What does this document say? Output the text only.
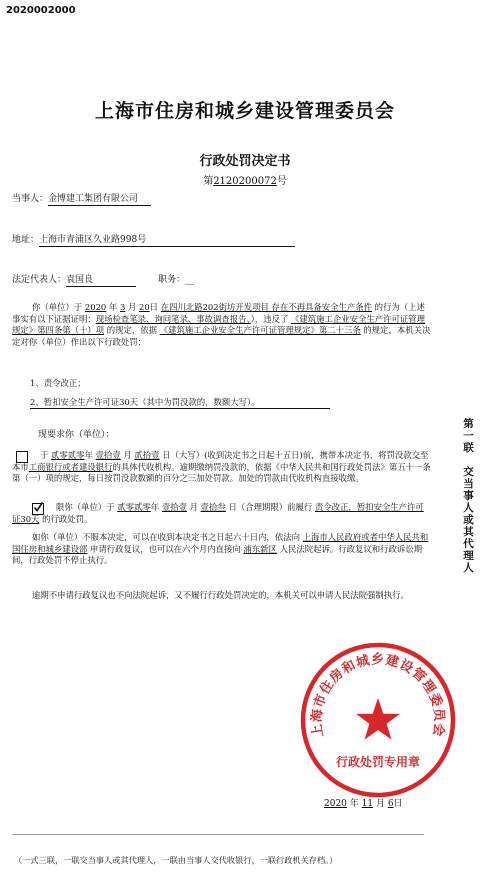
2020002000
上海市住房和城乡建设管理委员会
行政处罚决定书
第2120200072号
当事人：金博建工集团有限公司
地址：上海市青浦区久业路998号
法定代表人：袁国良	职务：__
你（单位）于 2020 年 3 月 20日 在四川北路202街坊开发项目 存在不再具备安全生产条件 的行为（上述事实有以下证据证明：现场检查笔录、询问笔录、事故调查报告、），违反了 《建筑施工企业安全生产许可证管理规定》第四条第（十）项 的规定，依据 《建筑施工企业安全生产许可证管理规定》第二十三条 的规定，本机关决定对你（单位）作出以下行政处罚：
1、责令改正；
2、暂扣安全生产许可证30天（其中为罚没款的，数额大写）。
现要求你（单位）：
于 贰零贰零年 壹拾壹 月 贰拾壹 日（大写）(收到决定书之日起十五日)前，携带本决定书，将罚没款交至本市工商银行或者建设银行的具体代收机构。逾期缴纳罚没款的，依据《中华人民共和国行政处罚法》第五十一条第（一）项的规定，每日按罚没款数额的百分之三加处罚款。加处的罚款由代收机构直接收缴。
限你（单位）于 贰零贰零年 壹拾壹 月 壹拾叁 日（合理期限）前履行 责令改正，暂扣安全生产许可证30天 的行政处罚。
如你（单位）不服本决定，可以在收到本决定书之日起六十日内，依法向 上海市人民政府或者中华人民共和国住房和城乡建设部 申请行政复议，也可以在六个月内直接向 浦东新区 人民法院起诉。行政复议和行政诉讼期间，行政处罚不停止执行。
逾期不申请行政复议也不向法院起诉，又不履行行政处罚决定的，本机关可以申请人民法院强制执行。
第一联　交当事人或其代理人
上海市住房和城乡建设管理委员会
行政处罚专用章
2020 年 11 月 6日
（一式三联，一联交当事人或其代理人，一联由当事人交代收银行，一联行政机关存档。）
